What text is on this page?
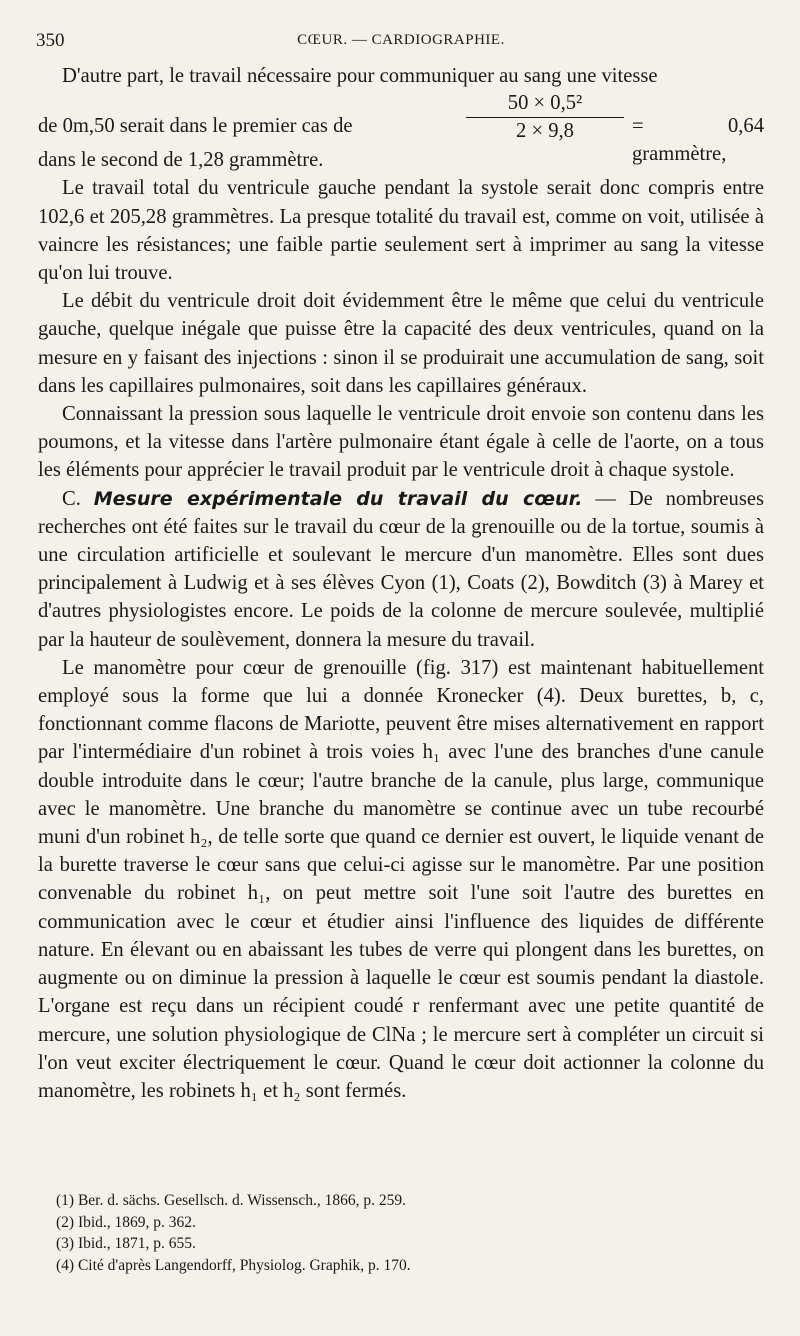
350	CŒUR. — CARDIOGRAPHIE.

D'autre part, le travail nécessaire pour communiquer au sang une vitesse

de 0m,50 serait dans le premier cas de	$\frac{\text{50 × 0,5²}}{2 \times 9,8} = 0,64$ grammètre,

dans le second de 1,28 grammètre.

Le travail total du ventricule gauche pendant la systole serait donc compris entre 102,6 et 205,28 grammètres. La presque totalité du travail est, comme on voit, utilisée à vaincre les résistances; une faible partie seulement sert à imprimer au sang la vitesse qu'on lui trouve.

Le débit du ventricule droit doit évidemment être le même que celui du ventricule gauche, quelque inégale que puisse être la capacité des deux ventricules, quand on la mesure en y faisant des injections : sinon il se produirait une accumulation de sang, soit dans les capillaires pulmonaires, soit dans les capillaires généraux.

Connaissant la pression sous laquelle le ventricule droit envoie son contenu dans les poumons, et la vitesse dans l'artère pulmonaire étant égale à celle de l'aorte, on a tous les éléments pour apprécier le travail produit par le ventricule droit à chaque systole.

C. Mesure expérimentale du travail du cœur. — De nombreuses recherches ont été faites sur le travail du cœur de la grenouille ou de la tortue, soumis à une circulation artificielle et soulevant le mercure d'un manomètre. Elles sont dues principalement à Ludwig et à ses élèves Cyon (1), Coats (2), Bowditch (3) à Marey et d'autres physiologistes encore. Le poids de la colonne de mercure soulevée, multiplié par la hauteur de soulèvement, donnera la mesure du travail.

Le manomètre pour cœur de grenouille (fig. 317) est maintenant habituellement employé sous la forme que lui a donnée Kronecker (4). Deux burettes, b, c, fonctionnant comme flacons de Mariotte, peuvent être mises alternativement en rapport par l'intermédiaire d'un robinet à trois voies h₁ avec l'une des branches d'une canule double introduite dans le cœur; l'autre branche de la canule, plus large, communique avec le manomètre. Une branche du manomètre se continue avec un tube recourbé muni d'un robinet h₂, de telle sorte que quand ce dernier est ouvert, le liquide venant de la burette traverse le cœur sans que celui-ci agisse sur le manomètre. Par une position convenable du robinet h₁, on peut mettre soit l'une soit l'autre des burettes en communication avec le cœur et étudier ainsi l'influence des liquides de différente nature. En élevant ou en abaissant les tubes de verre qui plongent dans les burettes, on augmente ou on diminue la pression à laquelle le cœur est soumis pendant la diastole. L'organe est reçu dans un récipient coudé r renfermant avec une petite quantité de mercure, une solution physiologique de ClNa ; le mercure sert à compléter un circuit si l'on veut exciter électriquement le cœur. Quand le cœur doit actionner la colonne du manomètre, les robinets h₁ et h₂ sont fermés.

(1) Ber. d. sächs. Gesellsch. d. Wissensch., 1866, p. 259.
(2) Ibid., 1869, p. 362.
(3) Ibid., 1871, p. 655.
(4) Cité d'après Langendorff, Physiolog. Graphik, p. 170.
